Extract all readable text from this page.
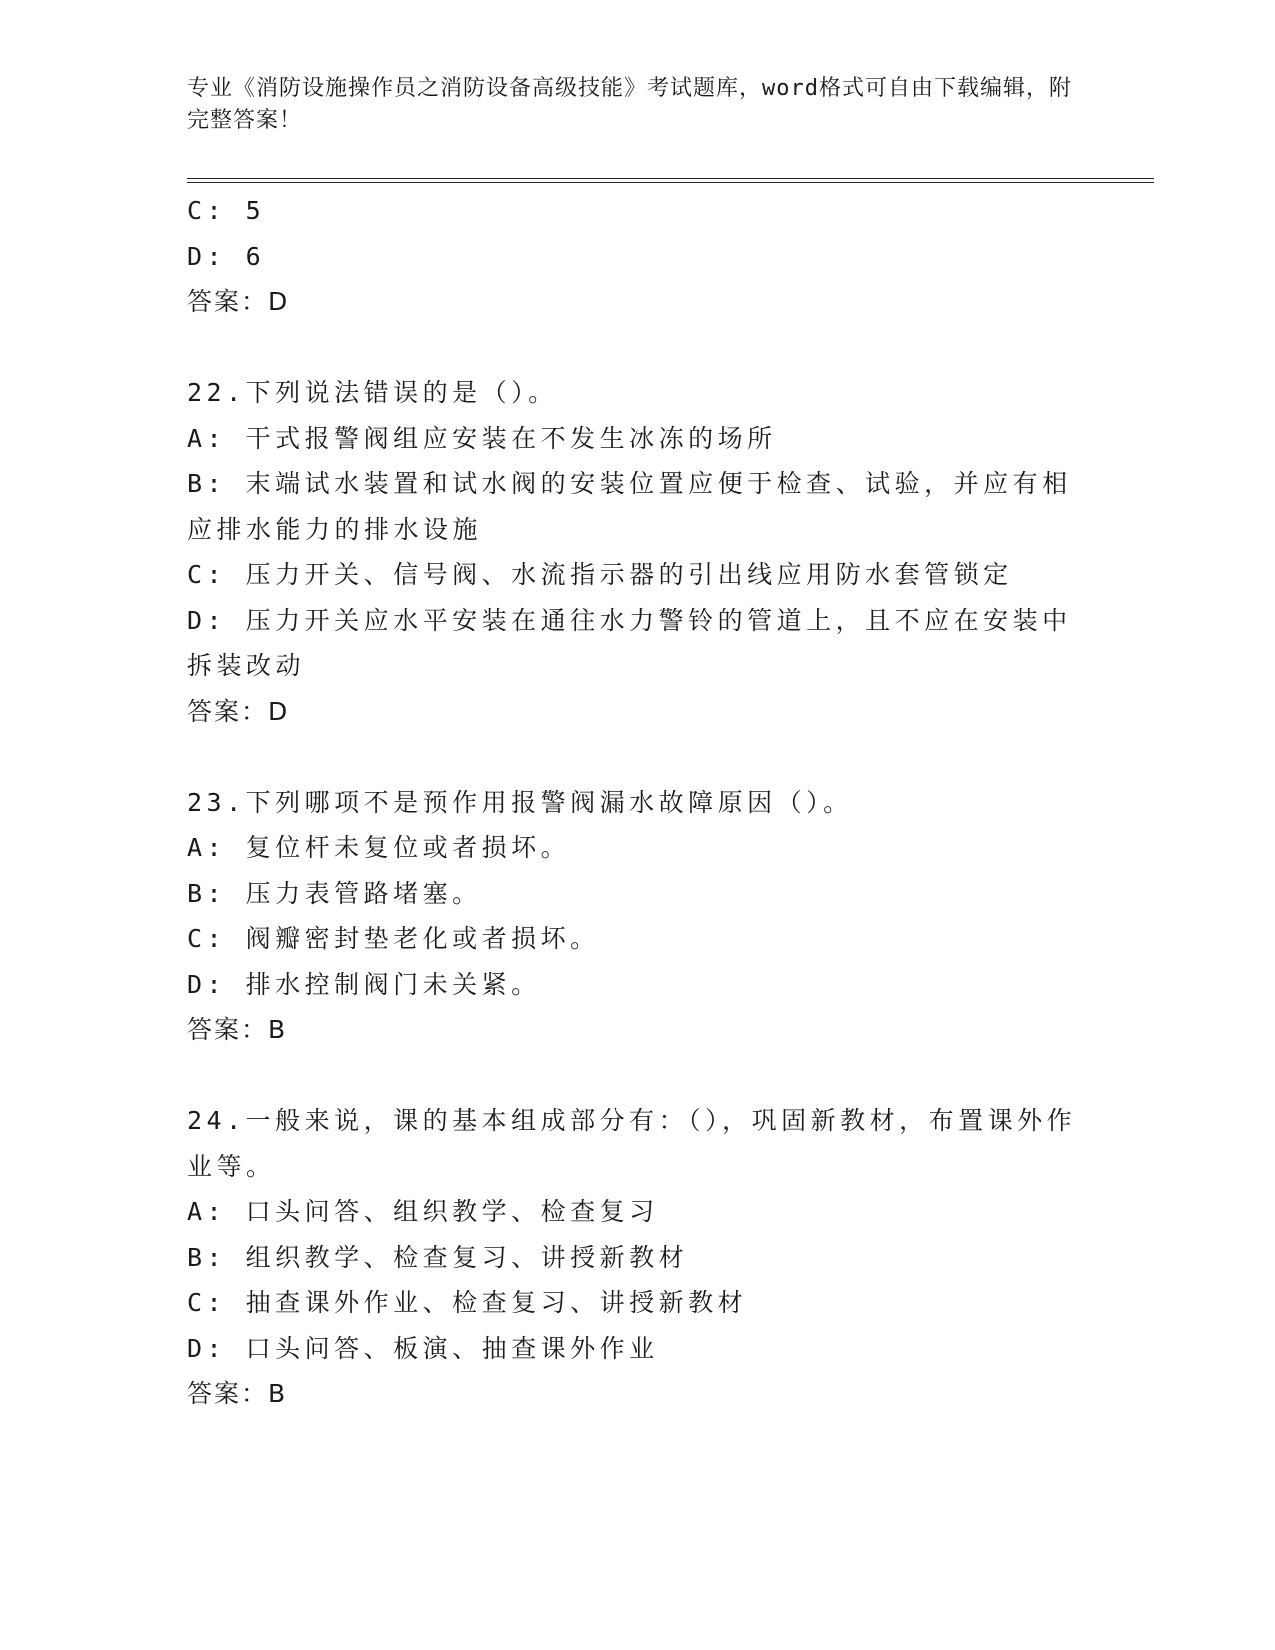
专业《消防设施操作员之消防设备高级技能》考试题库，word格式可自由下载编辑，附完整答案！
C: 5
D: 6
答案：D
22.下列说法错误的是（）。
A: 干式报警阀组应安装在不发生冰冻的场所
B: 末端试水装置和试水阀的安装位置应便于检查、试验，并应有相应排水能力的排水设施
C: 压力开关、信号阀、水流指示器的引出线应用防水套管锁定
D: 压力开关应水平安装在通往水力警铃的管道上，且不应在安装中拆装改动
答案：D
23.下列哪项不是预作用报警阀漏水故障原因（）。
A: 复位杆未复位或者损坏。
B: 压力表管路堵塞。
C: 阀瓣密封垫老化或者损坏。
D: 排水控制阀门未关紧。
答案：B
24.一般来说，课的基本组成部分有：（），巩固新教材，布置课外作业等。
A: 口头问答、组织教学、检查复习
B: 组织教学、检查复习、讲授新教材
C: 抽查课外作业、检查复习、讲授新教材
D: 口头问答、板演、抽查课外作业
答案：B
